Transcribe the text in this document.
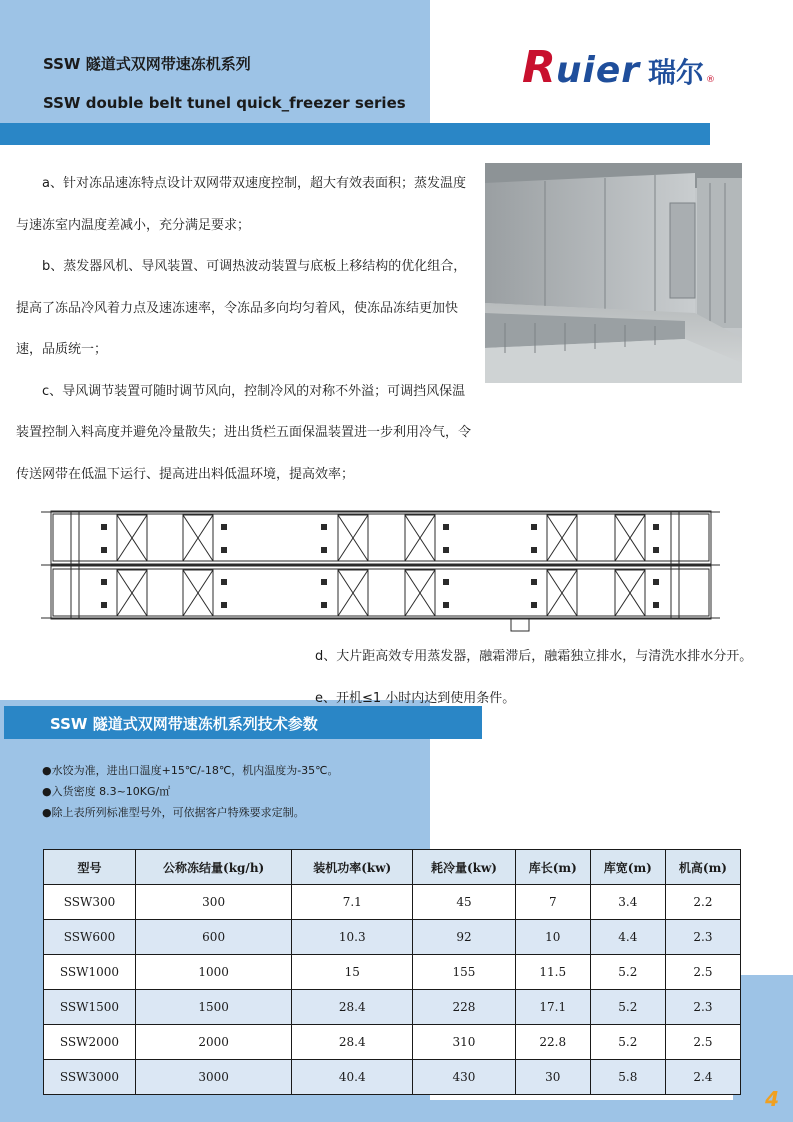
SSW 隧道式双网带速冻机系列
SSW double belt tunel quick_freezer series
R uier 瑞尔 ®

a、针对冻品速冻特点设计双网带双速度控制，超大有效表面积；蒸发温度与速冻室内温度差减小，充分满足要求；

b、蒸发器风机、导风装置、可调热波动装置与底板上移结构的优化组合，提高了冻品冷风着力点及速冻速率，令冻品多向均匀着风，使冻品冻结更加快速，品质统一；

c、导风调节装置可随时调节风向，控制冷风的对称不外溢；可调挡风保温装置控制入料高度并避免冷量散失；进出货栏五面保温装置进一步利用冷气，令传送网带在低温下运行、提高进出料低温环境，提高效率；

d、大片距高效专用蒸发器，融霜滞后，融霜独立排水，与清洗水排水分开。
e、开机≤1 小时内达到使用条件。
SSW 隧道式双网带速冻机系列技术参数
●水饺为准，进出口温度+15℃/-18℃，机内温度为-35℃。
●入货密度 8.3~10KG/㎡
●除上表所列标准型号外，可依据客户特殊要求定制。
型号	公称冻结量(kg/h)	装机功率(kw)	耗冷量(kw)	库长(m)	库宽(m)	机高(m)
SSW300	300	7.1	45	7	3.4	2.2
SSW600	600	10.3	92	10	4.4	2.3
SSW1000	1000	15	155	11.5	5.2	2.5
SSW1500	1500	28.4	228	17.1	5.2	2.3
SSW2000	2000	28.4	310	22.8	5.2	2.5
SSW3000	3000	40.4	430	30	5.8	2.4
4
